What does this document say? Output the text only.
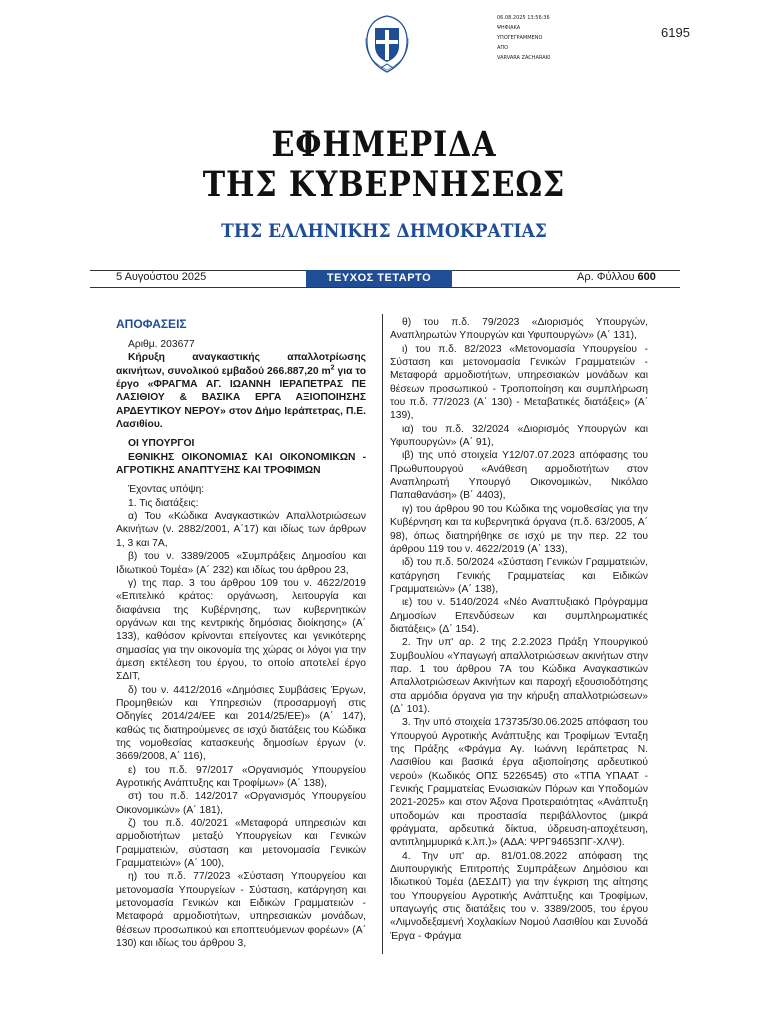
06.08.2025 13:56:36
ΨΗΦΙΑΚΑ
ΥΠΟΓΕΓΡΑΜΜΕΝΟ
ΑΠΟ
VARVARA ZACHARAKI
6195
ΕΦΗΜΕΡΙΔΑ
ΤΗΣ ΚΥΒΕΡΝΗΣΕΩΣ
ΤΗΣ ΕΛΛΗΝΙΚΗΣ ΔΗΜΟΚΡΑΤΙΑΣ
5 Αυγούστου 2025	ΤΕΥΧΟΣ ΤΕΤΑΡΤΟ	Αρ. Φύλλου 600
ΑΠΟΦΑΣΕΙΣ

Αριθμ. 203677

Κήρυξη αναγκαστικής απαλλοτρίωσης ακινήτων, συνολικού εμβαδού 266.887,20 $m^2$ για το έργο «ΦΡΑΓΜΑ ΑΓ. ΙΩΑΝΝΗ ΙΕΡΑΠΕΤΡΑΣ ΠΕ ΛΑΣΙΘΙΟΥ & ΒΑΣΙΚΑ ΕΡΓΑ ΑΞΙΟΠΟΙΗΣΗΣ ΑΡΔΕΥΤΙΚΟΥ ΝΕΡΟΥ» στον Δήμο Ιεράπετρας, Π.Ε. Λασιθίου.

ΟΙ ΥΠΟΥΡΓΟΙ

ΕΘΝΙΚΗΣ ΟΙΚΟΝΟΜΙΑΣ ΚΑΙ ΟΙΚΟΝΟΜΙΚΩΝ - ΑΓΡΟΤΙΚΗΣ ΑΝΑΠΤΥΞΗΣ ΚΑΙ ΤΡΟΦΙΜΩΝ

Έχοντας υπόψη:

1. Τις διατάξεις:

α) Του «Κώδικα Αναγκαστικών Απαλλοτριώσεων Ακινήτων (ν. 2882/2001, Α΄17) και ιδίως των άρθρων 1, 3 και 7Α,

β) του ν. 3389/2005 «Συμπράξεις Δημοσίου και Ιδιωτικού Τομέα» (Α΄ 232) και ιδίως του άρθρου 23,

γ) της παρ. 3 του άρθρου 109 του ν. 4622/2019 «Επιτελικό κράτος: οργάνωση, λειτουργία και διαφάνεια της Κυβέρνησης, των κυβερνητικών οργάνων και της κεντρικής δημόσιας διοίκησης» (Α΄ 133), καθόσον κρίνονται επείγοντες και γενικότερης σημασίας για την οικονομία της χώρας οι λόγοι για την άμεση εκτέλεση του έργου, το οποίο αποτελεί έργο ΣΔΙΤ,

δ) του ν. 4412/2016 «Δημόσιες Συμβάσεις Έργων, Προμηθειών και Υπηρεσιών (προσαρμογή στις Οδηγίες 2014/24/ΕΕ και 2014/25/ΕΕ)» (Α΄ 147), καθώς τις διατηρούμενες σε ισχύ διατάξεις του Κώδικα της νομοθεσίας κατασκευής δημοσίων έργων (ν. 3669/2008, Α΄ 116),

ε) του π.δ. 97/2017 «Οργανισμός Υπουργείου Αγροτικής Ανάπτυξης και Τροφίμων» (Α΄ 138),

στ) του π.δ. 142/2017 «Οργανισμός Υπουργείου Οικονομικών» (Α΄ 181),

ζ) του π.δ. 40/2021 «Μεταφορά υπηρεσιών και αρμοδιοτήτων μεταξύ Υπουργείων και Γενικών Γραμματειών, σύσταση και μετονομασία Γενικών Γραμματειών» (Α΄ 100),

η) του π.δ. 77/2023 «Σύσταση Υπουργείου και μετονομασία Υπουργείων - Σύσταση, κατάργηση και μετονομασία Γενικών και Ειδικών Γραμματειών - Μεταφορά αρμοδιοτήτων, υπηρεσιακών μονάδων, θέσεων προσωπικού και εποπτευόμενων φορέων» (Α΄ 130) και ιδίως του άρθρου 3,

θ) του π.δ. 79/2023 «Διορισμός Υπουργών, Αναπληρωτών Υπουργών και Υφυπουργών» (Α΄ 131),

ι) του π.δ. 82/2023 «Μετονομασία Υπουργείου - Σύσταση και μετονομασία Γενικών Γραμματειών - Μεταφορά αρμοδιοτήτων, υπηρεσιακών μονάδων και θέσεων προσωπικού - Τροποποίηση και συμπλήρωση του π.δ. 77/2023 (Α΄ 130) - Μεταβατικές διατάξεις» (Α΄ 139),

ια) του π.δ. 32/2024 «Διορισμός Υπουργών και Υφυπουργών» (Α΄ 91),

ιβ) της υπό στοιχεία Υ12/07.07.2023 απόφασης του Πρωθυπουργού «Ανάθεση αρμοδιοτήτων στον Αναπληρωτή Υπουργό Οικονομικών, Νικόλαο Παπαθανάση» (Β΄ 4403),

ιγ) του άρθρου 90 του Κώδικα της νομοθεσίας για την Κυβέρνηση και τα κυβερνητικά όργανα (π.δ. 63/2005, Α΄ 98), όπως διατηρήθηκε σε ισχύ με την περ. 22 του άρθρου 119 του ν. 4622/2019 (Α΄ 133),

ιδ) του π.δ. 50/2024 «Σύσταση Γενικών Γραμματειών, κατάργηση Γενικής Γραμματείας και Ειδικών Γραμματειών» (Α΄ 138),

ιε) του ν. 5140/2024 «Νέο Αναπτυξιακό Πρόγραμμα Δημοσίων Επενδύσεων και συμπληρωματικές διατάξεις» (Δ΄ 154).

2. Την υπ' αρ. 2 της 2.2.2023 Πράξη Υπουργικού Συμβουλίου «Υπαγωγή απαλλοτριώσεων ακινήτων στην παρ. 1 του άρθρου 7Α του Κώδικα Αναγκαστικών Απαλλοτριώσεων Ακινήτων και παροχή εξουσιοδότησης στα αρμόδια όργανα για την κήρυξη απαλλοτριώσεων» (Δ΄ 101).

3. Την υπό στοιχεία 173735/30.06.2025 απόφαση του Υπουργού Αγροτικής Ανάπτυξης και Τροφίμων Ένταξη της Πράξης «Φράγμα Αγ. Ιωάννη Ιεράπετρας Ν. Λασιθίου και βασικά έργα αξιοποίησης αρδευτικού νερού» (Κωδικός ΟΠΣ 5226545) στο «ΤΠΑ ΥΠΑΑΤ - Γενικής Γραμματείας Ενωσιακών Πόρων και Υποδομών 2021-2025» και στον Άξονα Προτεραιότητας «Ανάπτυξη υποδομών και προστασία περιβάλλοντος (μικρά φράγματα, αρδευτικά δίκτυα, ύδρευση-αποχέτευση, αντιπλημμυρικά κ.λπ.)» (ΑΔΑ: ΨΡΓ94653ΠΓ-ΧΛΨ).

4. Την υπ' αρ. 81/01.08.2022 απόφαση της Διυπουργικής Επιτροπής Συμπράξεων Δημόσιου και Ιδιωτικού Τομέα (ΔΕΣΔΙΤ) για την έγκριση της αίτησης του Υπουργείου Αγροτικής Ανάπτυξης και Τροφίμων, υπαγωγής στις διατάξεις του ν. 3389/2005, του έργου «Λιμνοδεξαμενή Χοχλακίων Νομού Λασιθίου και Συνοδά Έργα - Φράγμα
